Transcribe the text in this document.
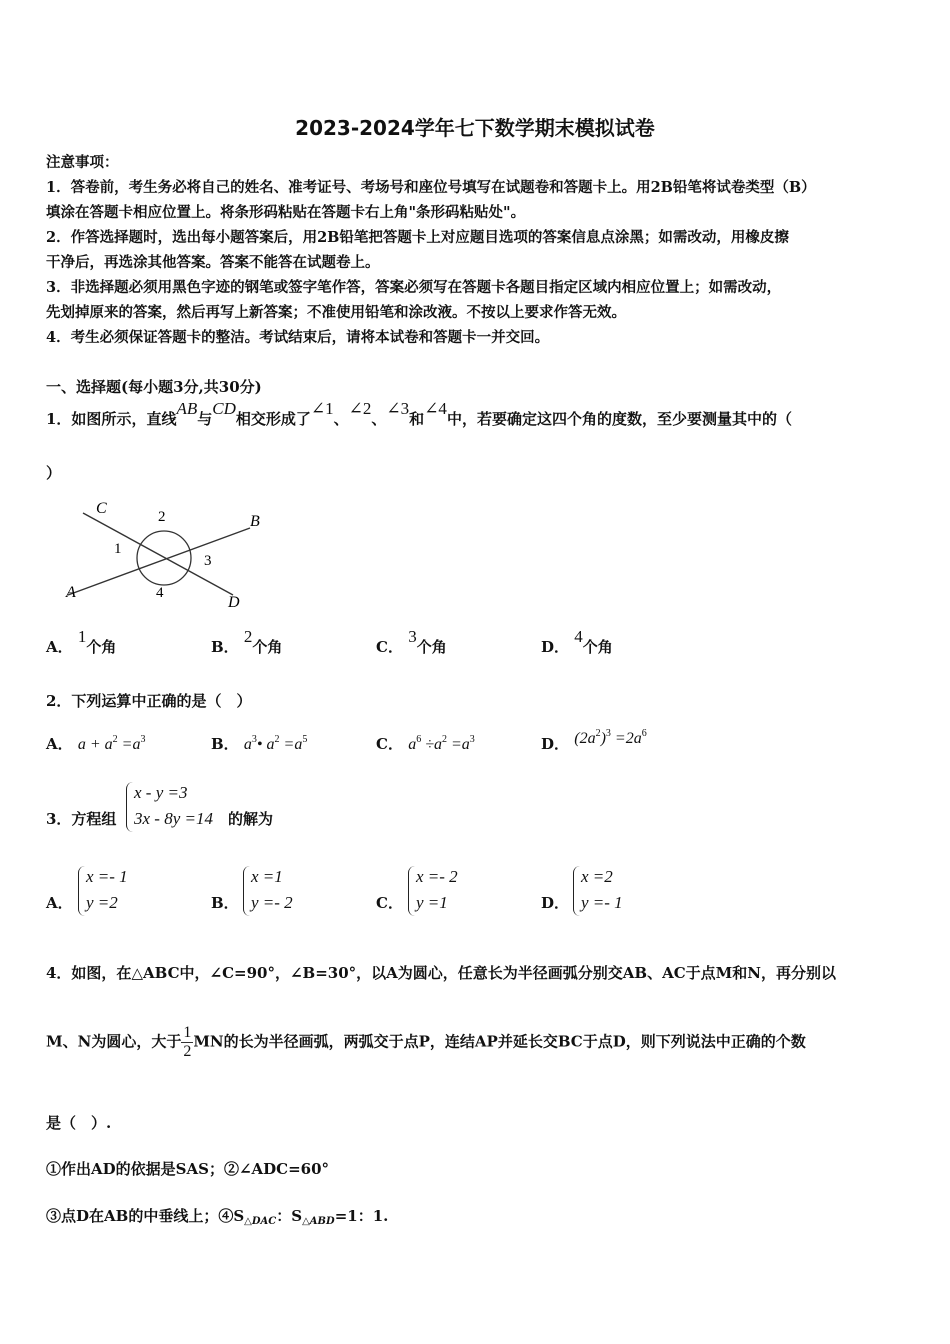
2023-2024学年七下数学期末模拟试卷

注意事项：

1．答卷前，考生务必将自己的姓名、准考证号、考场号和座位号填写在试题卷和答题卡上。用2B铅笔将试卷类型（B）

填涂在答题卡相应位置上。将条形码粘贴在答题卡右上角"条形码粘贴处"。

2．作答选择题时，选出每小题答案后，用2B铅笔把答题卡上对应题目选项的答案信息点涂黑；如需改动，用橡皮擦

干净后，再选涂其他答案。答案不能答在试题卷上。

3．非选择题必须用黑色字迹的钢笔或签字笔作答，答案必须写在答题卡各题目指定区域内相应位置上；如需改动，

先划掉原来的答案，然后再写上新答案；不准使用铅笔和涂改液。不按以上要求作答无效。

4．考生必须保证答题卡的整洁。考试结束后，请将本试卷和答题卡一并交回。

一、选择题(每小题3分,共30分)
1．如图所示，直线AB与CD相交形成了∠1、∠2、∠3和∠4中，若要确定这四个角的度数，至少要测量其中的（
）
C	2	B
1
3
A	4
D
A． 1个角	B． 2个角	C． 3个角	D． 4个角
2．下列运算中正确的是（　）
A． $a + a^2 =a^3$	B． $a^3•$ $a^2 =a^5$	C． $a^6 \div a^2 =a^3$	D． $(2a^2)^3 =2a^6$
3．方程组
x - y =3
3x - 8y =14 的解为
A．
x =- 1
y =2	B．
x =1
y =- 2	C．
x =- 2
y =1	D．
x =2
y =- 1
4．如图，在△ABC中，∠C=90°，∠B=30°，以A为圆心，任意长为半径画弧分别交AB、AC于点M和N，再分别以
M、N为圆心，大于 $\frac{1}{2}$ MN的长为半径画弧，两弧交于点P，连结AP并延长交BC于点D，则下列说法中正确的个数
是（　）.
①作出AD的依据是SAS；②∠ADC=60°
③点D在AB的中垂线上；$④S_{\triangle DAC}$：$S_{\triangle ABD}=1$：1.
